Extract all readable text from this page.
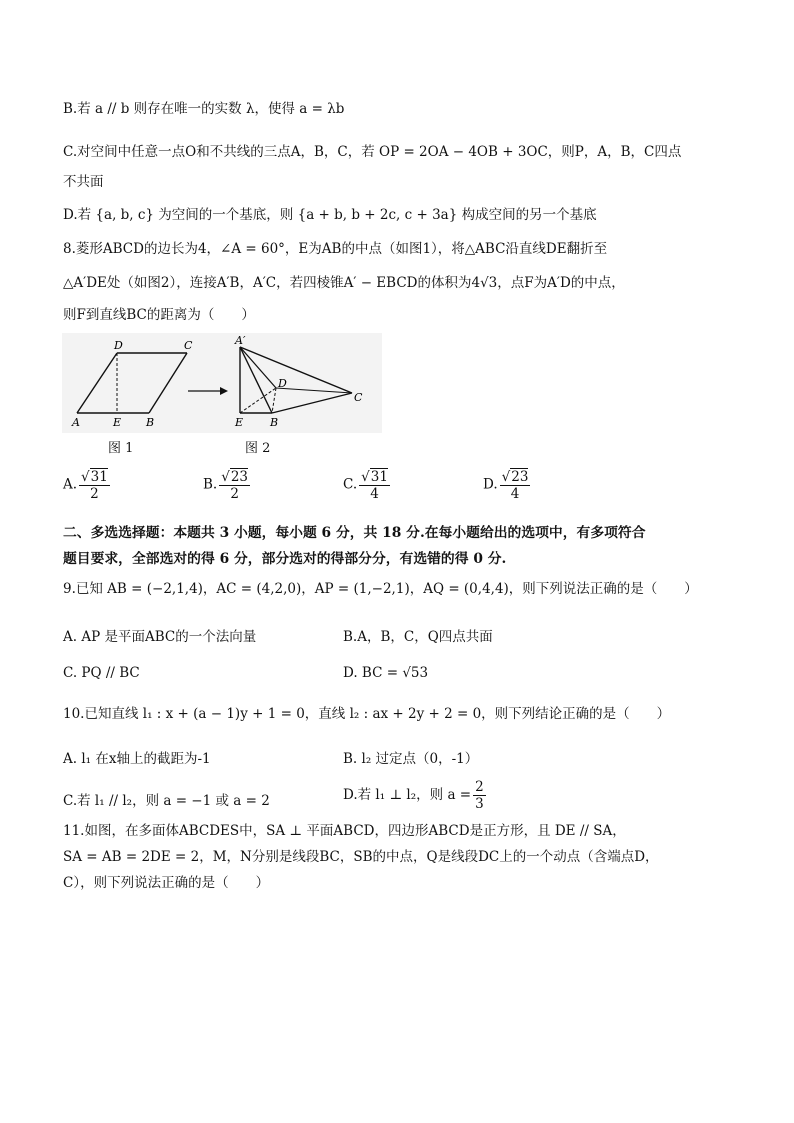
B.若 a // b 则存在唯一的实数 λ，使得 a = λb
C.对空间中任意一点O和不共线的三点A，B，C，若 OP = 2OA − 4OB + 3OC，则P，A，B，C四点
不共面
D.若 {a, b, c} 为空间的一个基底，则 {a + b, b + 2c, c + 3a} 构成空间的另一个基底
8.菱形ABCD的边长为4，∠A = 60°，E为AB的中点（如图1），将△ABC沿直线DE翻折至
△A′DE处（如图2），连接A′B，A′C，若四棱锥A′ − EBCD的体积为4√3，点F为A′D的中点，
则F到直线BC的距离为（　　）
D	C
A	E B
A′
D
C
E B
图 1	图 2
A. $\frac{√31}{2}$	B. $\frac{√23}{2}$	C. $\frac{√31}{4}$	D. $\frac{√23}{4}$
二、多选选择题：本题共 3 小题，每小题 6 分，共 18 分.在每小题给出的选项中，有多项符合
题目要求，全部选对的得 6 分，部分选对的得部分分，有选错的得 0 分.
9.已知 AB = (−2,1,4)，AC = (4,2,0)，AP = (1,−2,1)，AQ = (0,4,4)，则下列说法正确的是（　　）
A. AP 是平面ABC的一个法向量	B.A，B，C，Q四点共面
C. PQ // BC	D. BC = √53
10.已知直线 l₁ : x + (a − 1)y + 1 = 0，直线 l₂ : ax + 2y + 2 = 0，则下列结论正确的是（　　）
A. l₁ 在x轴上的截距为-1	B. l₂ 过定点（0，-1）
C.若 l₁ // l₂，则 a = −1 或 a = 2	D.若 l₁ ⊥ l₂，则 $a = \frac{2}{3}$
11.如图，在多面体ABCDES中，SA ⊥ 平面ABCD，四边形ABCD是正方形，且 DE // SA，
SA = AB = 2DE = 2，M，N分别是线段BC，SB的中点，Q是线段DC上的一个动点（含端点D，
C），则下列说法正确的是（　　）
